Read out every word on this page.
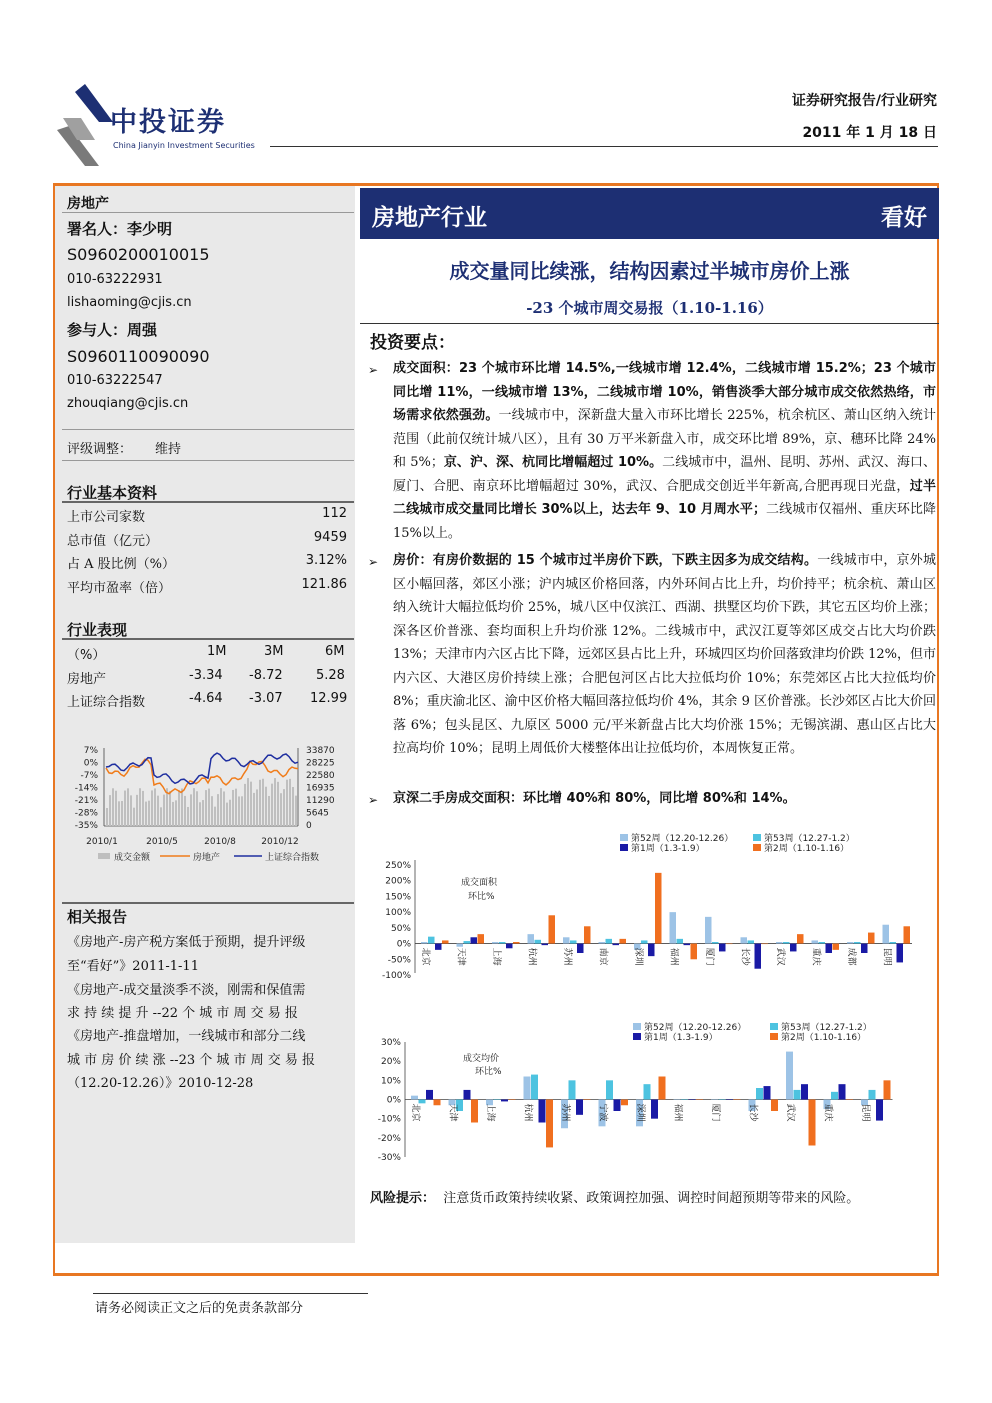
中投证券
China Jianyin Investment Securities
证券研究报告/行业研究
2011 年 1 月 18 日
房地产
署名人：李少明
S0960200010015
010-63222931
lishaoming@cjis.cn
参与人：周强
S0960110090090
010-63222547
zhouqiang@cjis.cn
评级调整： 维持
行业基本资料
上市公司家数	112
总市值（亿元）	9459
占 A 股比例（%）	3.12%
平均市盈率（倍）	121.86
行业表现
（%）	1M	3M	6M
房地产	-3.34 -8.72	5.28
上证综合指数	-4.64 -3.07 12.99
7%
0%
-7%
-14%
-21%
-28%
-35%
33870
28225
22580
16935
11290
5645
0
2010/1	2010/5	2010/8	2010/12
成交金额	房地产	上证综合指数
相关报告
《房地产-房产税方案低于预期，提升评级
至“看好”》2011-1-11
《房地产-成交量淡季不淡，刚需和保值需
求 持 续 提 升 --22 个 城 市 周 交 易 报
《房地产-推盘增加，一线城市和部分二线
城 市 房 价 续 涨 --23 个 城 市 周 交 易 报
（12.20-12.26）》2010-12-28
房地产行业	看好
成交量同比续涨，结构因素过半城市房价上涨
-23 个城市周交易报（1.10-1.16）
投资要点：
➢ 成交面积：23 个城市环比增 14.5%,一线城市增 12.4%，二线城市增 15.2%；23 个城市同比增 11%，一线城市增 13%，二线城市增 10%，销售淡季大部分城市成交依然热络，市场需求依然强劲。一线城市中，深新盘大量入市环比增长 225%，杭余杭区、萧山区纳入统计范围（此前仅统计城八区），且有 30 万平米新盘入市，成交环比增 89%，京、穗环比降 24%和 5%；京、沪、深、杭同比增幅超过 10%。二线城市中，温州、昆明、苏州、武汉、海口、厦门、合肥、南京环比增幅超过 30%，武汉、合肥成交创近半年新高,合肥再现日光盘，过半二线城市成交量同比增长 30%以上，达去年 9、10 月周水平；二线城市仅福州、重庆环比降 15%以上。
➢ 房价：有房价数据的 15 个城市过半房价下跌，下跌主因多为成交结构。一线城市中，京外城区小幅回落，郊区小涨；沪内城区价格回落，内外环间占比上升，均价持平；杭余杭、萧山区纳入统计大幅拉低均价 25%，城八区中仅滨江、西湖、拱墅区均价下跌，其它五区均价上涨；深各区价普涨、套均面积上升均价涨 12%。二线城市中，武汉江夏等郊区成交占比大均价跌 13%；天津市内六区占比下降，远郊区县占比上升，环城四区均价回落致津均价跌 12%，但市内六区、大港区房价持续上涨；合肥包河区占比大拉低均价 10%；东莞郊区占比大拉低均价 8%；重庆渝北区、渝中区价格大幅回落拉低均价 4%，其余 9 区价普涨。长沙郊区占比大价回落 6%；包头昆区、九原区 5000 元/平米新盘占比大均价涨 15%；无锡滨湖、惠山区占比大拉高均价 10%；昆明上周低价大楼整体出让拉低均价，本周恢复正常。
➢ 京深二手房成交面积：环比增 40%和 80%，同比增 80%和 14%。
第52周（12.20-12.26）	第53周（12.27-1.2）
第1周（1.3-1.9）	第2周（1.10-1.16）
成交面积环比%
250%
200%
150%
100%
50%
0%
-50%
-100%
北京	天津	上海	杭州	苏州	南京	深圳	福州	厦门	长沙	武汉	重庆	成都	昆明
第52周（12.20-12.26）	第53周（12.27-1.2）
第1周（1.3-1.9）	第2周（1.10-1.16）
成交均价环比%
30%
20%
10%
0%
-10%
-20%
-30%
北京	天津	上海	杭州	苏州	宁波	深圳	福州	厦门	长沙	武汉	重庆	昆明
风险提示： 注意货币政策持续收紧、政策调控加强、调控时间超预期等带来的风险。
请务必阅读正文之后的免责条款部分
